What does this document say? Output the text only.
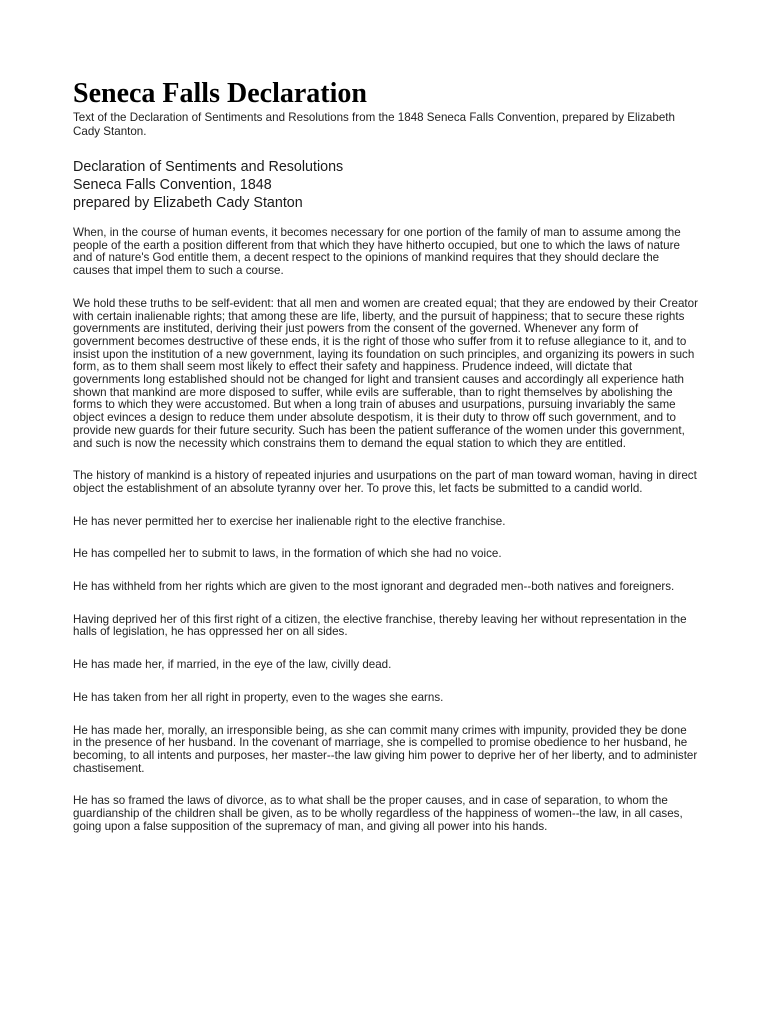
Seneca Falls Declaration

Text of the Declaration of Sentiments and Resolutions from the 1848 Seneca Falls Convention, prepared by Elizabeth Cady Stanton.

Declaration of Sentiments and Resolutions
Seneca Falls Convention, 1848
prepared by Elizabeth Cady Stanton

When, in the course of human events, it becomes necessary for one portion of the family of man to assume among the people of the earth a position different from that which they have hitherto occupied, but one to which the laws of nature and of nature's God entitle them, a decent respect to the opinions of mankind requires that they should declare the causes that impel them to such a course.

We hold these truths to be self-evident: that all men and women are created equal; that they are endowed by their Creator with certain inalienable rights; that among these are life, liberty, and the pursuit of happiness; that to secure these rights governments are instituted, deriving their just powers from the consent of the governed. Whenever any form of government becomes destructive of these ends, it is the right of those who suffer from it to refuse allegiance to it, and to insist upon the institution of a new government, laying its foundation on such principles, and organizing its powers in such form, as to them shall seem most likely to effect their safety and happiness. Prudence indeed, will dictate that governments long established should not be changed for light and transient causes and accordingly all experience hath shown that mankind are more disposed to suffer, while evils are sufferable, than to right themselves by abolishing the forms to which they were accustomed. But when a long train of abuses and usurpations, pursuing invariably the same object evinces a design to reduce them under absolute despotism, it is their duty to throw off such government, and to provide new guards for their future security. Such has been the patient sufferance of the women under this government, and such is now the necessity which constrains them to demand the equal station to which they are entitled.

The history of mankind is a history of repeated injuries and usurpations on the part of man toward woman, having in direct object the establishment of an absolute tyranny over her. To prove this, let facts be submitted to a candid world.

He has never permitted her to exercise her inalienable right to the elective franchise.

He has compelled her to submit to laws, in the formation of which she had no voice.

He has withheld from her rights which are given to the most ignorant and degraded men--both natives and foreigners.

Having deprived her of this first right of a citizen, the elective franchise, thereby leaving her without representation in the halls of legislation, he has oppressed her on all sides.

He has made her, if married, in the eye of the law, civilly dead.

He has taken from her all right in property, even to the wages she earns.

He has made her, morally, an irresponsible being, as she can commit many crimes with impunity, provided they be done in the presence of her husband. In the covenant of marriage, she is compelled to promise obedience to her husband, he becoming, to all intents and purposes, her master--the law giving him power to deprive her of her liberty, and to administer chastisement.

He has so framed the laws of divorce, as to what shall be the proper causes, and in case of separation, to whom the guardianship of the children shall be given, as to be wholly regardless of the happiness of women--the law, in all cases, going upon a false supposition of the supremacy of man, and giving all power into his hands.
